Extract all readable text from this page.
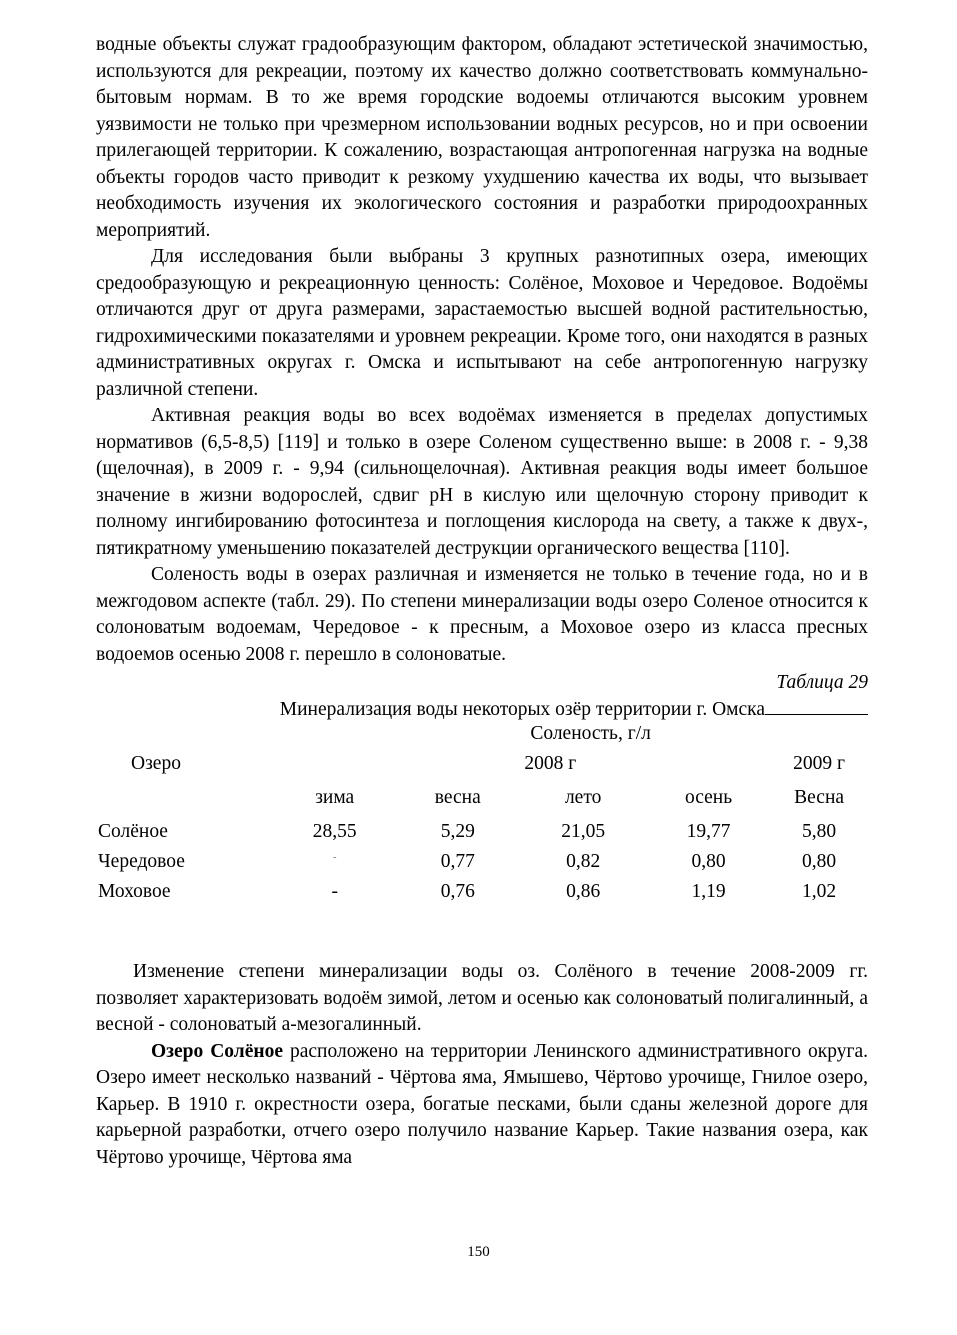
водные объекты служат градообразующим фактором, обладают эстетической значимостью, используются для рекреации, поэтому их качество должно соответствовать коммунально-бытовым нормам. В то же время городские водоемы отличаются высоким уровнем уязвимости не только при чрезмерном использовании водных ресурсов, но и при освоении прилегающей территории. К сожалению, возрастающая антропогенная нагрузка на водные объекты городов часто приводит к резкому ухудшению качества их воды, что вызывает необходимость изучения их экологического состояния и разработки природоохранных мероприятий.

Для исследования были выбраны 3 крупных разнотипных озера, имеющих средообразующую и рекреационную ценность: Солёное, Моховое и Чередовое. Водоёмы отличаются друг от друга размерами, зарастаемостью высшей водной растительностью, гидрохимическими показателями и уровнем рекреации. Кроме того, они находятся в разных административных округах г. Омска и испытывают на себе антропогенную нагрузку различной степени.

Активная реакция воды во всех водоёмах изменяется в пределах допустимых нормативов (6,5-8,5) [119] и только в озере Соленом существенно выше: в 2008 г. - 9,38 (щелочная), в 2009 г. - 9,94 (сильнощелочная). Активная реакция воды имеет большое значение в жизни водорослей, сдвиг pH в кислую или щелочную сторону приводит к полному ингибированию фотосинтеза и поглощения кислорода на свету, а также к двух-, пятикратному уменьшению показателей деструкции органического вещества [110].

Соленость воды в озерах различная и изменяется не только в течение года, но и в межгодовом аспекте (табл. 29). По степени минерализации воды озеро Соленое относится к солоноватым водоемам, Чередовое - к пресным, а Моховое озеро из класса пресных водоемов осенью 2008 г. перешло в солоноватые.

Таблица 29
Минерализация воды некоторых озёр территории г. Омска
	Соленость, г/л				
Озеро			2008 г		2009 г
	зима	весна	лето	осень	Весна
Солёное	28,55	5,29	21,05	19,77	5,80
Чередовое	-	0,77	0,82	0,80	0,80
Моховое	-	0,76	0,86	1,19	1,02

Изменение степени минерализации воды оз. Солёного в течение 2008-2009 гг. позволяет характеризовать водоём зимой, летом и осенью как солоноватый полигалинный, а весной - солоноватый а-мезогалинный.

Озеро Солёное расположено на территории Ленинского административного округа. Озеро имеет несколько названий - Чёртова яма, Ямышево, Чёртово урочище, Гнилое озеро, Карьер. В 1910 г. окрестности озера, богатые песками, были сданы железной дороге для карьерной разработки, отчего озеро получило название Карьер. Такие названия озера, как Чёртово урочище, Чёртова яма

150
